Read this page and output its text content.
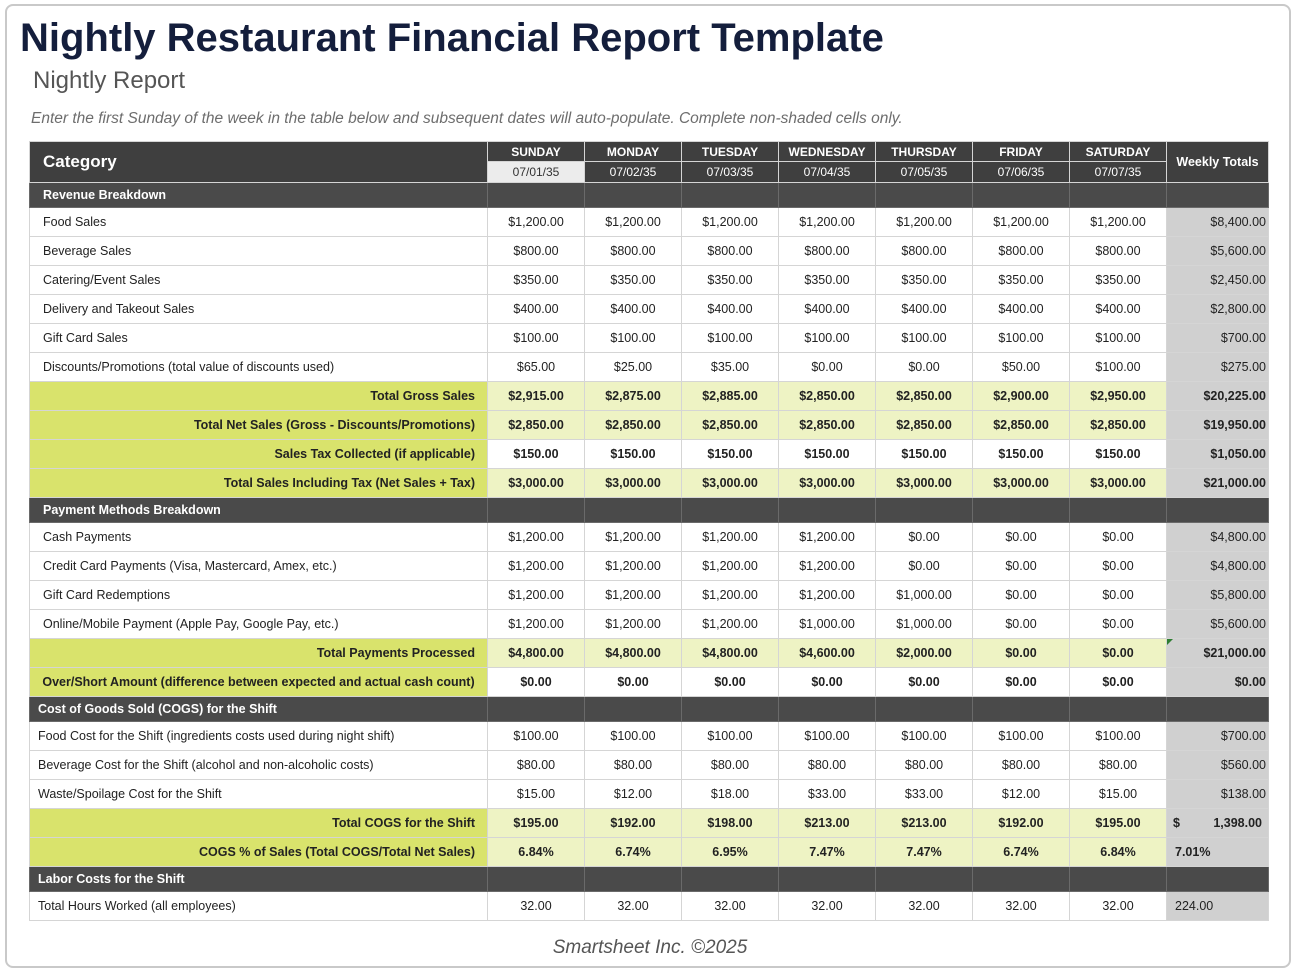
Nightly Restaurant Financial Report Template
Nightly Report
Enter the first Sunday of the week in the table below and subsequent dates will auto-populate. Complete non-shaded cells only.
Category	SUNDAY	MONDAY	TUESDAY	WEDNESDAY	THURSDAY	FRIDAY	SATURDAY	Weekly Totals
	07/01/35	07/02/35	07/03/35	07/04/35	07/05/35	07/06/35	07/07/35	
Revenue Breakdown								
Food Sales	$1,200.00	$1,200.00	$1,200.00	$1,200.00	$1,200.00	$1,200.00	$1,200.00	$8,400.00
Beverage Sales	$800.00	$800.00	$800.00	$800.00	$800.00	$800.00	$800.00	$5,600.00
Catering/Event Sales	$350.00	$350.00	$350.00	$350.00	$350.00	$350.00	$350.00	$2,450.00
Delivery and Takeout Sales	$400.00	$400.00	$400.00	$400.00	$400.00	$400.00	$400.00	$2,800.00
Gift Card Sales	$100.00	$100.00	$100.00	$100.00	$100.00	$100.00	$100.00	$700.00
Discounts/Promotions (total value of discounts used)	$65.00	$25.00	$35.00	$0.00	$0.00	$50.00	$100.00	$275.00
Total Gross Sales	$2,915.00	$2,875.00	$2,885.00	$2,850.00	$2,850.00	$2,900.00	$2,950.00	$20,225.00
Total Net Sales (Gross - Discounts/Promotions)	$2,850.00	$2,850.00	$2,850.00	$2,850.00	$2,850.00	$2,850.00	$2,850.00	$19,950.00
Sales Tax Collected (if applicable)	$150.00	$150.00	$150.00	$150.00	$150.00	$150.00	$150.00	$1,050.00
Total Sales Including Tax (Net Sales + Tax)	$3,000.00	$3,000.00	$3,000.00	$3,000.00	$3,000.00	$3,000.00	$3,000.00	$21,000.00
Payment Methods Breakdown								
Cash Payments	$1,200.00	$1,200.00	$1,200.00	$1,200.00	$0.00	$0.00	$0.00	$4,800.00
Credit Card Payments (Visa, Mastercard, Amex, etc.)	$1,200.00	$1,200.00	$1,200.00	$1,200.00	$0.00	$0.00	$0.00	$4,800.00
Gift Card Redemptions	$1,200.00	$1,200.00	$1,200.00	$1,200.00	$1,000.00	$0.00	$0.00	$5,800.00
Online/Mobile Payment (Apple Pay, Google Pay, etc.)	$1,200.00	$1,200.00	$1,200.00	$1,000.00	$1,000.00	$0.00	$0.00	$5,600.00
Total Payments Processed	$4,800.00	$4,800.00	$4,800.00	$4,600.00	$2,000.00	$0.00	$0.00	$21,000.00
Over/Short Amount (difference between expected and actual cash count)	$0.00	$0.00	$0.00	$0.00	$0.00	$0.00	$0.00	$0.00
Cost of Goods Sold (COGS) for the Shift								
Food Cost for the Shift (ingredients costs used during night shift)	$100.00	$100.00	$100.00	$100.00	$100.00	$100.00	$100.00	$700.00
Beverage Cost for the Shift (alcohol and non-alcoholic costs)	$80.00	$80.00	$80.00	$80.00	$80.00	$80.00	$80.00	$560.00
Waste/Spoilage Cost for the Shift	$15.00	$12.00	$18.00	$33.00	$33.00	$12.00	$15.00	$138.00
Total COGS for the Shift	$195.00	$192.00	$198.00	$213.00	$213.00	$192.00	$195.00	$ 1,398.00

COGS % of Sales (Total COGS/Total Net Sales)	6.84%	6.74%	6.95%	7.47%	7.47%	6.74%	6.84%	7.01%
Labor Costs for the Shift								
Total Hours Worked (all employees)	32.00	32.00	32.00	32.00	32.00	32.00	32.00	224.00
Smartsheet Inc. ©2025
